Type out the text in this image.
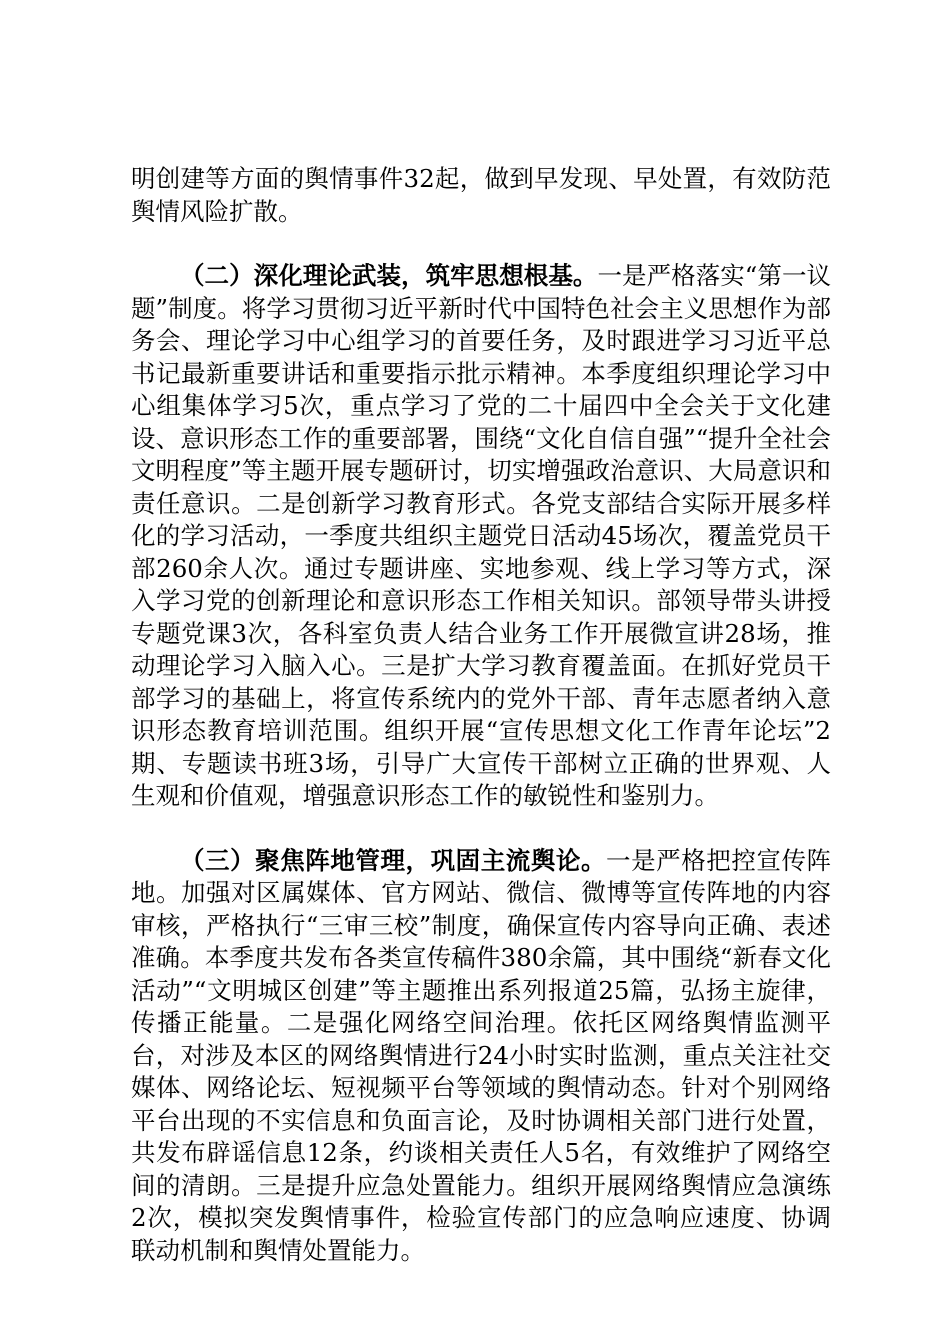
明创建等方面的舆情事件32起，做到早发现、早处置，有效防范舆情风险扩散。

（二）深化理论武装，筑牢思想根基。一是严格落实“第一议题”制度。将学习贯彻习近平新时代中国特色社会主义思想作为部务会、理论学习中心组学习的首要任务，及时跟进学习习近平总书记最新重要讲话和重要指示批示精神。本季度组织理论学习中心组集体学习5次，重点学习了党的二十届四中全会关于文化建设、意识形态工作的重要部署，围绕“文化自信自强”“提升全社会文明程度”等主题开展专题研讨，切实增强政治意识、大局意识和责任意识。二是创新学习教育形式。各党支部结合实际开展多样化的学习活动，一季度共组织主题党日活动45场次，覆盖党员干部260余人次。通过专题讲座、实地参观、线上学习等方式，深入学习党的创新理论和意识形态工作相关知识。部领导带头讲授专题党课3次，各科室负责人结合业务工作开展微宣讲28场，推动理论学习入脑入心。三是扩大学习教育覆盖面。在抓好党员干部学习的基础上，将宣传系统内的党外干部、青年志愿者纳入意识形态教育培训范围。组织开展“宣传思想文化工作青年论坛”2期、专题读书班3场，引导广大宣传干部树立正确的世界观、人生观和价值观，增强意识形态工作的敏锐性和鉴别力。

（三）聚焦阵地管理，巩固主流舆论。一是严格把控宣传阵地。加强对区属媒体、官方网站、微信、微博等宣传阵地的内容审核，严格执行“三审三校”制度，确保宣传内容导向正确、表述准确。本季度共发布各类宣传稿件380余篇，其中围绕“新春文化活动”“文明城区创建”等主题推出系列报道25篇，弘扬主旋律，传播正能量。二是强化网络空间治理。依托区网络舆情监测平台，对涉及本区的网络舆情进行24小时实时监测，重点关注社交媒体、网络论坛、短视频平台等领域的舆情动态。针对个别网络平台出现的不实信息和负面言论，及时协调相关部门进行处置，共发布辟谣信息12条，约谈相关责任人5名，有效维护了网络空间的清朗。三是提升应急处置能力。组织开展网络舆情应急演练2次，模拟突发舆情事件，检验宣传部门的应急响应速度、协调联动机制和舆情处置能力。
